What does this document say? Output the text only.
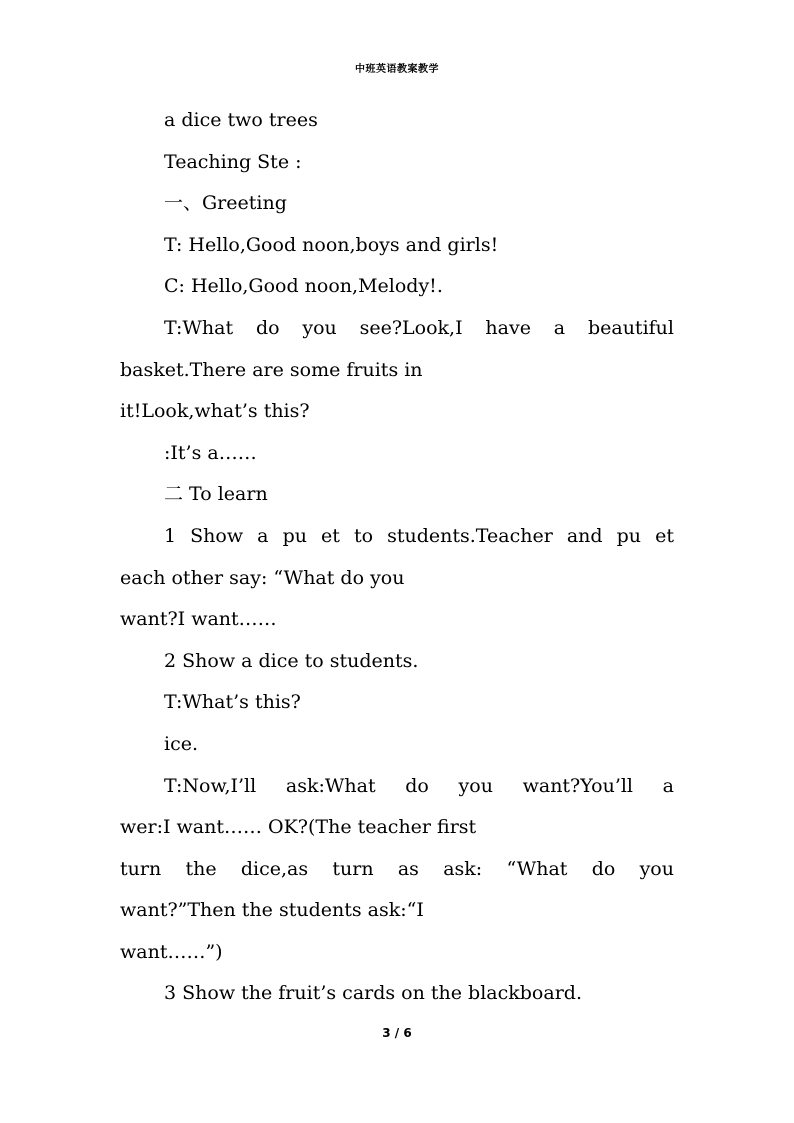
中班英语教案教学

a dice two trees

Teaching Ste :

一、Greeting

T: Hello,Good noon,boys and girls!

C: Hello,Good noon,Melody!.

T:What do you see?Look,I have a beautiful

basket.There are some fruits in

it!Look,what’s this?

:It’s a……

二 To learn

1 Show a pu et to students.Teacher and pu et

each other say: “What do you

want?I want……

2 Show a dice to students.

T:What’s this?

ice.

T:Now,I’ll ask:What do you want?You’ll a

wer:I want…… OK?(The teacher first

turn the dice,as turn as ask: “What do you

want?”Then the students ask:“I

want……”)

3 Show the fruit’s cards on the blackboard.

3 / 6
